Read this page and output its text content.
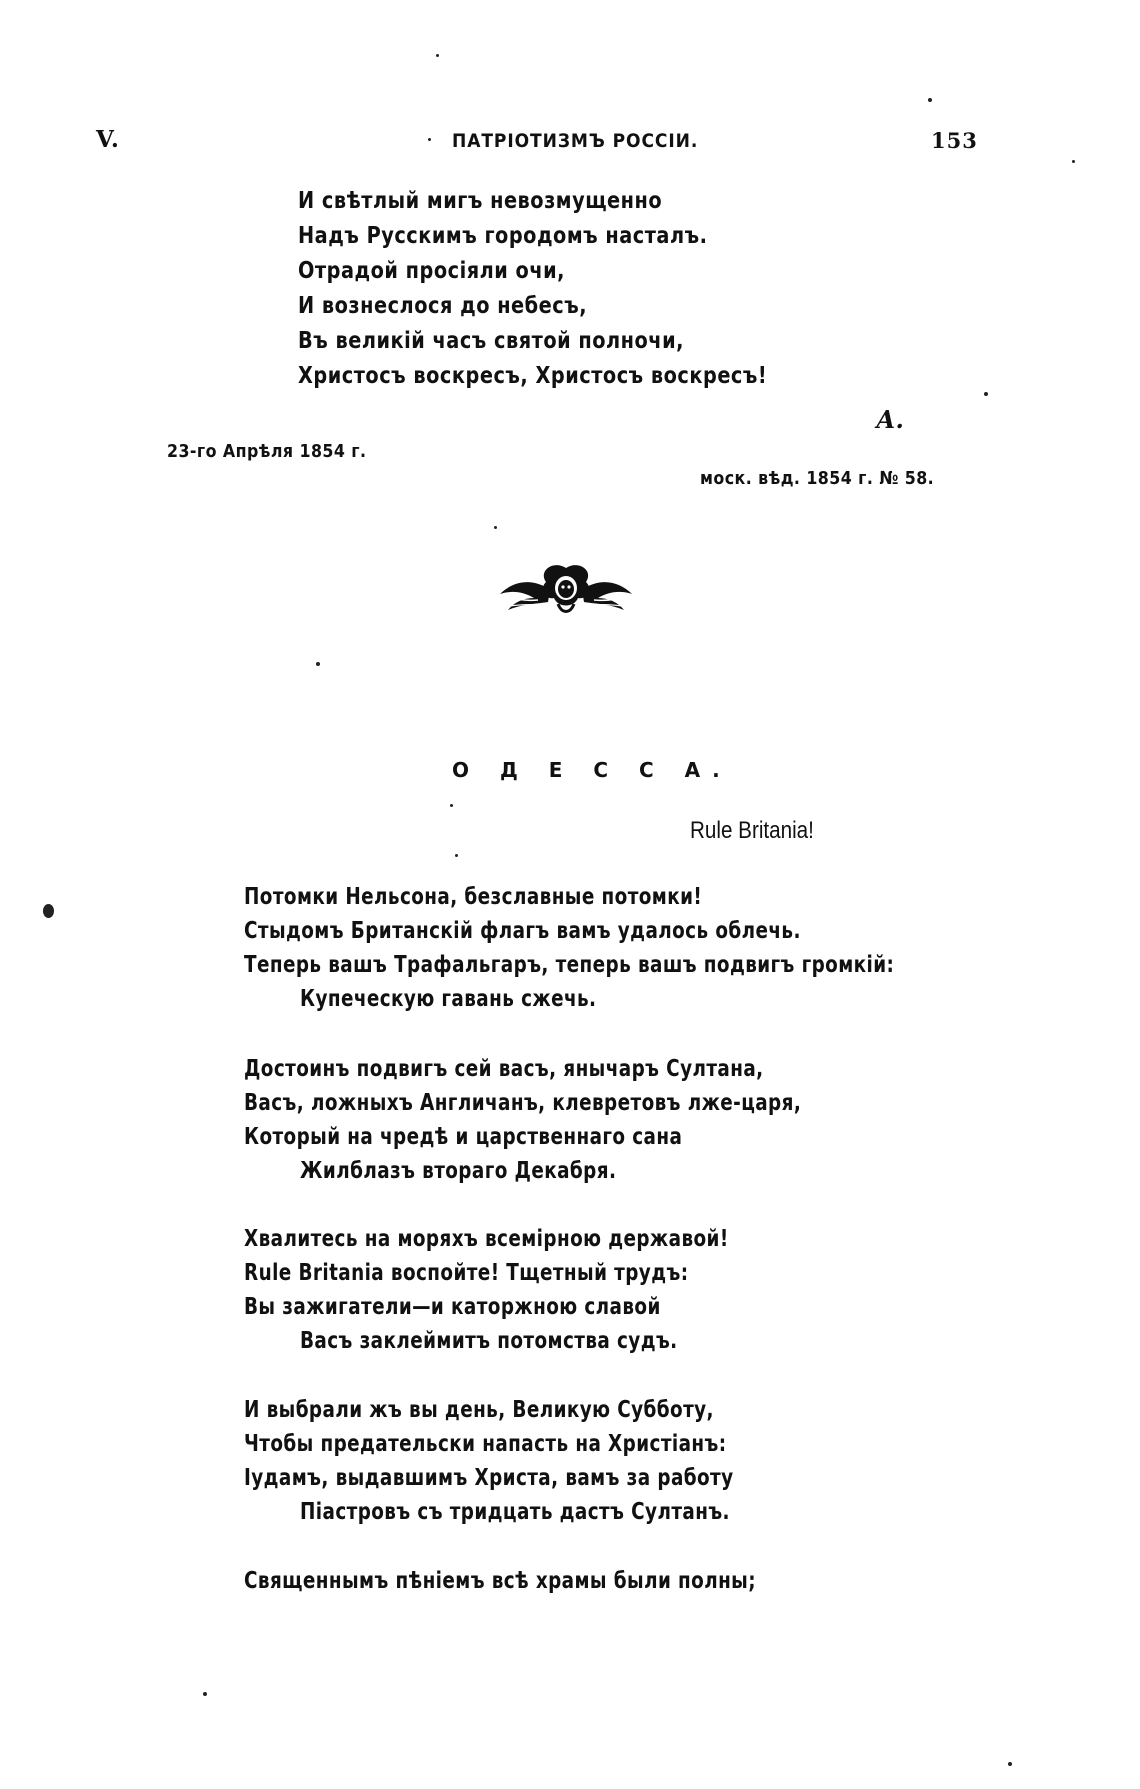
V.	ПАТРІОТИЗМЪ РОССІИ.	153
И свѣтлый мигъ невозмущенно
Надъ Русскимъ городомъ насталъ.
Отрадой просіяли очи,
И вознеслося до небесъ,
Въ великій часъ святой полночи,
Христосъ воскресъ, Христосъ воскресъ!
А.
23-го Апрѣля 1854 г.
моск. вѣд. 1854 г. № 58.
О Д Е С С А.
Rule Britania!
Потомки Нельсона, безславные потомки!
Стыдомъ Британскій флагъ вамъ удалось облечь.
Теперь вашъ Трафальгаръ, теперь вашъ подвигъ громкій:
Купеческую гавань сжечь.
Достоинъ подвигъ сей васъ, янычаръ Султана,
Васъ, ложныхъ Англичанъ, клевретовъ лже-царя,
Который на чредѣ и царственнаго сана
Жилблазъ втораго Декабря.
Хвалитесь на моряхъ всемірною державой!
Rule Britania воспойте! Тщетный трудъ:
Вы зажигатели—и каторжною славой
Васъ заклеймитъ потомства судъ.
И выбрали жъ вы день, Великую Субботу,
Чтобы предательски напасть на Христіанъ:
Іудамъ, выдавшимъ Христа, вамъ за работу
Піастровъ съ тридцать дастъ Султанъ.
Священнымъ пѣніемъ всѣ храмы были полны;
